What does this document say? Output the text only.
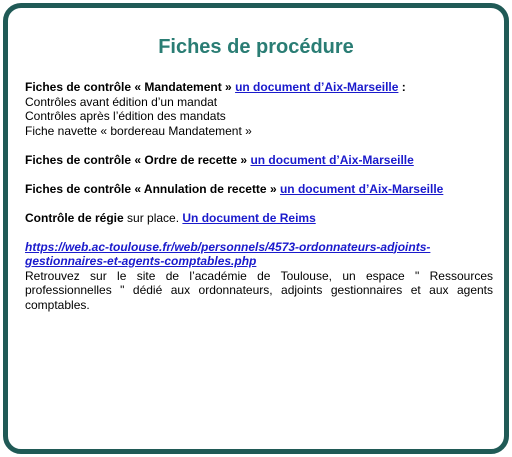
Fiches de procédure

Fiches de contrôle « Mandatement » un document d’Aix-Marseille :

Contrôles avant édition d’un mandat

Contrôles après l’édition des mandats

Fiche navette « bordereau Mandatement »

Fiches de contrôle « Ordre de recette » un document d’Aix-Marseille

Fiches de contrôle « Annulation de recette » un document d’Aix-Marseille

Contrôle de régie sur place. Un document de Reims

https://web.ac-toulouse.fr/web/personnels/4573-ordonnateurs-adjoints-gestionnaires-et-agents-comptables.php

Retrouvez sur le site de l’académie de Toulouse, un espace " Ressources professionnelles " dédié aux ordonnateurs, adjoints gestionnaires et aux agents comptables.
